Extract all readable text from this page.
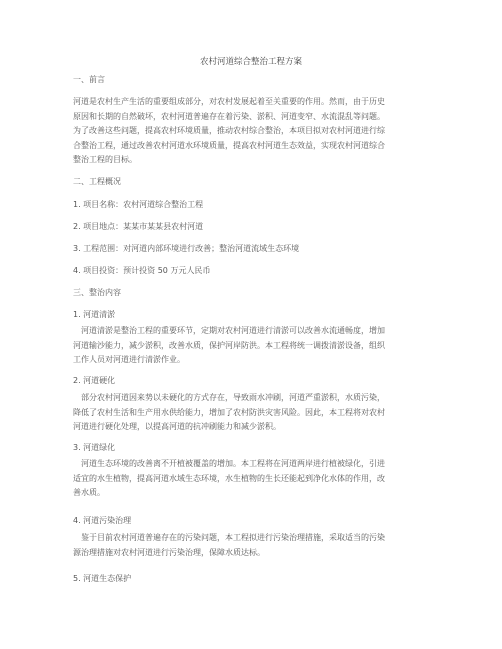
农村河道综合整治工程方案
一、前言
河道是农村生产生活的重要组成部分，对农村发展起着至关重要的作用。然而，由于历史
原因和长期的自然破坏，农村河道普遍存在着污染、淤积、河道变窄、水流混乱等问题。
为了改善这些问题，提高农村环境质量，推动农村综合整治，本项目拟对农村河道进行综
合整治工程，通过改善农村河道水环境质量，提高农村河道生态效益，实现农村河道综合
整治工程的目标。
二、工程概况
1. 项目名称：农村河道综合整治工程
2. 项目地点：某某市某某县农村河道
3. 工程范围：对河道内部环境进行改善；整治河道流域生态环境
4. 项目投资：预计投资 50 万元人民币
三、整治内容
1. 河道清淤
河道清淤是整治工程的重要环节，定期对农村河道进行清淤可以改善水流通畅度，增加
河道输沙能力，减少淤积，改善水质，保护河岸防洪。本工程将统一调拨清淤设备，组织
工作人员对河道进行清淤作业。
2. 河道硬化
部分农村河道因来势以未硬化的方式存在，导致雨水冲刷，河道严重淤积，水质污染，
降低了农村生活和生产用水供给能力，增加了农村防洪灾害风险。因此，本工程将对农村
河道进行硬化处理，以提高河道的抗冲刷能力和减少淤积。
3. 河道绿化
河道生态环境的改善离不开植被覆盖的增加。本工程将在河道两岸进行植被绿化，引进
适宜的水生植物，提高河道水域生态环境，水生植物的生长还能起到净化水体的作用，改
善水质。
4. 河道污染治理
鉴于目前农村河道普遍存在的污染问题，本工程拟进行污染治理措施，采取适当的污染
源治理措施对农村河道进行污染治理，保障水质达标。
5. 河道生态保护
